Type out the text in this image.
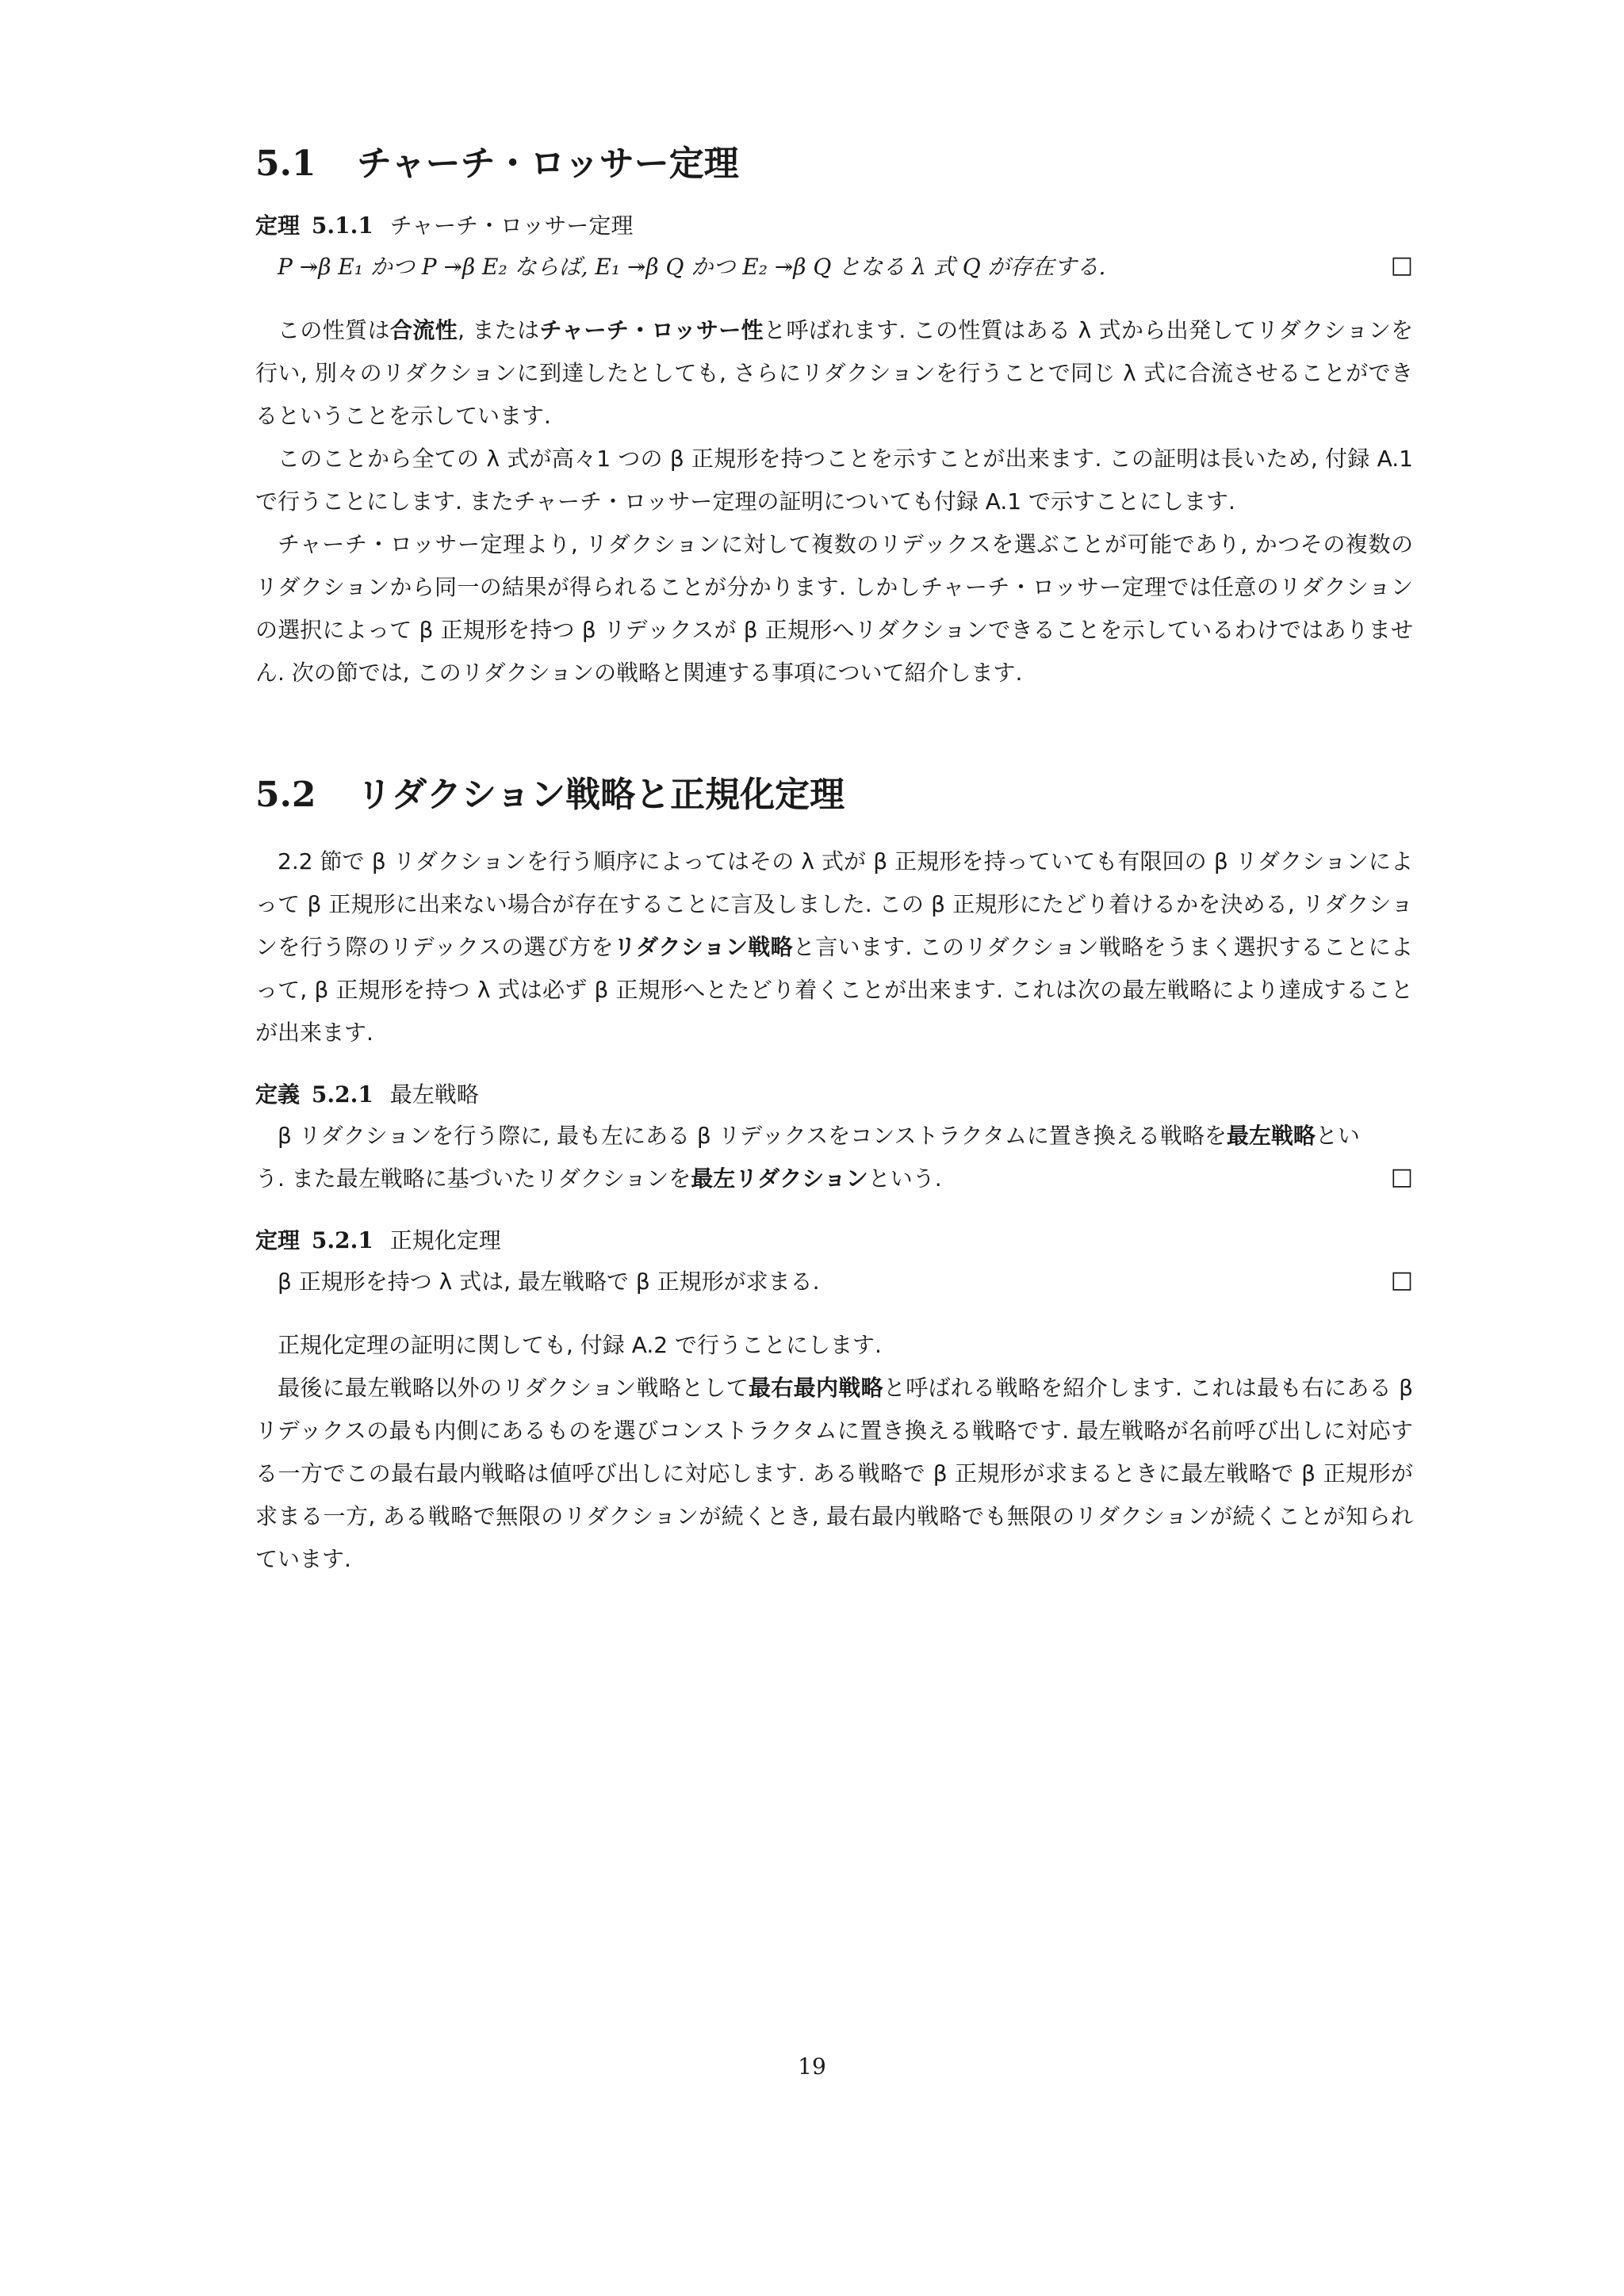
5.1	チャーチ・ロッサー定理
定理 5.1.1 チャーチ・ロッサー定理
P ↠β E₁ かつ P ↠β E₂ ならば, E₁ ↠β Q かつ E₂ ↠β Q となる λ 式 Q が存在する.	□

この性質は合流性, またはチャーチ・ロッサー性と呼ばれます. この性質はある λ 式から出発してリダクションを行い, 別々のリダクションに到達したとしても, さらにリダクションを行うことで同じ λ 式に合流させることができるということを示しています.

このことから全ての λ 式が高々1 つの β 正規形を持つことを示すことが出来ます. この証明は長いため, 付録 A.1 で行うことにします. またチャーチ・ロッサー定理の証明についても付録 A.1 で示すことにします.

チャーチ・ロッサー定理より, リダクションに対して複数のリデックスを選ぶことが可能であり, かつその複数のリダクションから同一の結果が得られることが分かります. しかしチャーチ・ロッサー定理では任意のリダクションの選択によって β 正規形を持つ β リデックスが β 正規形へリダクションできることを示しているわけではありません. 次の節では, このリダクションの戦略と関連する事項について紹介します.

5.2	リダクション戦略と正規化定理

2.2 節で β リダクションを行う順序によってはその λ 式が β 正規形を持っていても有限回の β リダクションによって β 正規形に出来ない場合が存在することに言及しました. この β 正規形にたどり着けるかを決める, リダクションを行う際のリデックスの選び方をリダクション戦略と言います. このリダクション戦略をうまく選択することによって, β 正規形を持つ λ 式は必ず β 正規形へとたどり着くことが出来ます. これは次の最左戦略により達成することが出来ます.

定義 5.2.1 最左戦略
β リダクションを行う際に, 最も左にある β リデックスをコンストラクタムに置き換える戦略を最左戦略という. また最左戦略に基づいたリダクションを最左リダクションという.	□
定理 5.2.1 正規化定理
β 正規形を持つ λ 式は, 最左戦略で β 正規形が求まる.	□

正規化定理の証明に関しても, 付録 A.2 で行うことにします.

最後に最左戦略以外のリダクション戦略として最右最内戦略と呼ばれる戦略を紹介します. これは最も右にある β リデックスの最も内側にあるものを選びコンストラクタムに置き換える戦略です. 最左戦略が名前呼び出しに対応する一方でこの最右最内戦略は値呼び出しに対応します. ある戦略で β 正規形が求まるときに最左戦略で β 正規形が求まる一方, ある戦略で無限のリダクションが続くとき, 最右最内戦略でも無限のリダクションが続くことが知られています.

19
